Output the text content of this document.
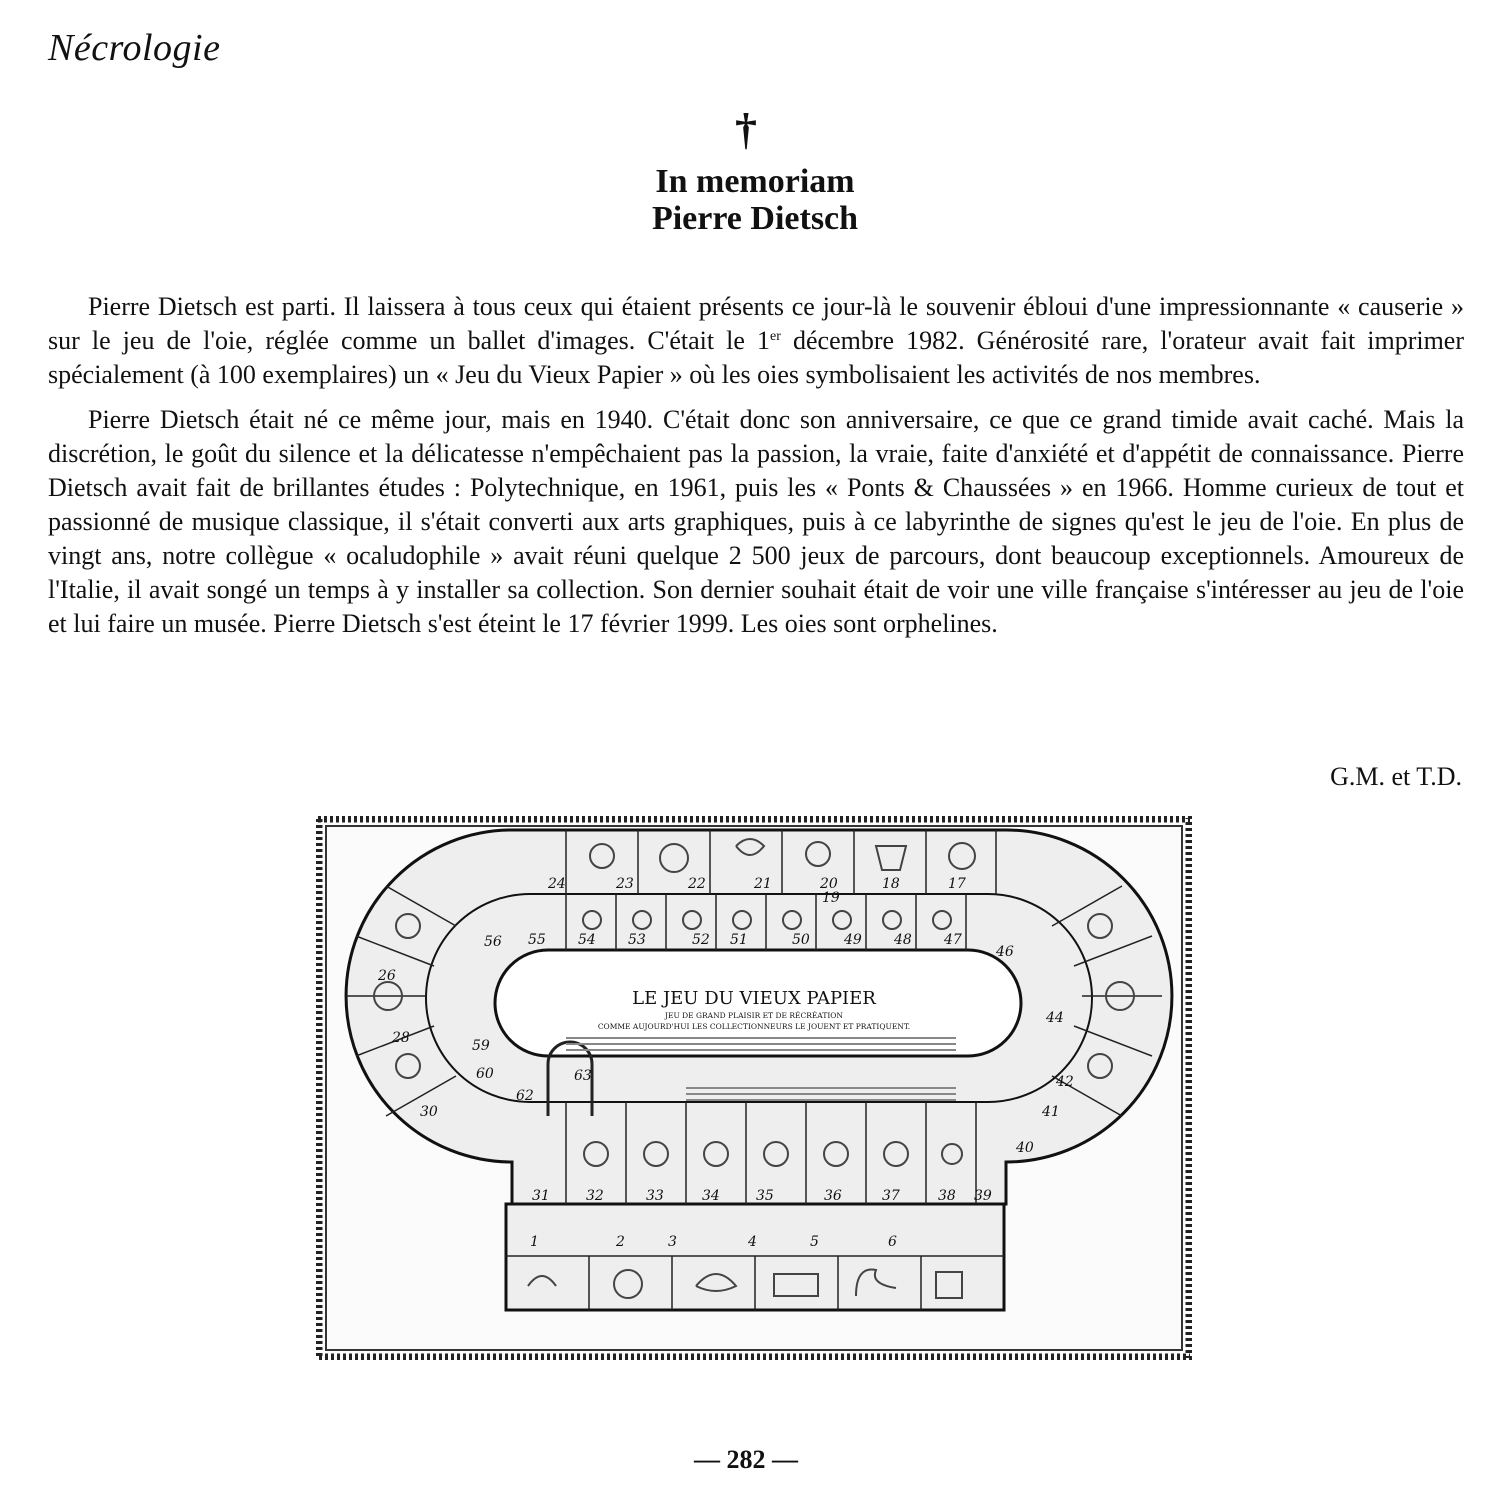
Nécrologie
†
In memoriam
Pierre Dietsch

Pierre Dietsch est parti. Il laissera à tous ceux qui étaient présents ce jour-là le souvenir ébloui d'une impressionnante « causerie » sur le jeu de l'oie, réglée comme un ballet d'images. C'était le 1er décembre 1982. Générosité rare, l'orateur avait fait imprimer spécialement (à 100 exemplaires) un « Jeu du Vieux Papier » où les oies symbolisaient les activités de nos membres.

Pierre Dietsch était né ce même jour, mais en 1940. C'était donc son anniversaire, ce que ce grand timide avait caché. Mais la discrétion, le goût du silence et la délicatesse n'empêchaient pas la passion, la vraie, faite d'anxiété et d'appétit de connaissance. Pierre Dietsch avait fait de brillantes études : Polytechnique, en 1961, puis les « Ponts & Chaussées » en 1966. Homme curieux de tout et passionné de musique classique, il s'était converti aux arts graphiques, puis à ce labyrinthe de signes qu'est le jeu de l'oie. En plus de vingt ans, notre collègue « ocaludophile » avait réuni quelque 2 500 jeux de parcours, dont beaucoup exceptionnels. Amoureux de l'Italie, il avait songé un temps à y installer sa collection. Son dernier souhait était de voir une ville française s'intéresser au jeu de l'oie et lui faire un musée. Pierre Dietsch s'est éteint le 17 février 1999. Les oies sont orphelines.

G.M. et T.D.
1	2	3	4	5	6
24	23	22	21	20
19
18	17
56 55 54 53	52 51	50 49 48 47
46
31	32	33	34	35	36	37	38 39
26
28
30
59
60
62
40
41
42
44
63
LE JEU DU VIEUX PAPIER
JEU DE GRAND PLAISIR ET DE RÉCRÉATION
COMME AUJOURD'HUI LES COLLECTIONNEURS LE JOUENT ET PRATIQUENT.
— 282 —
